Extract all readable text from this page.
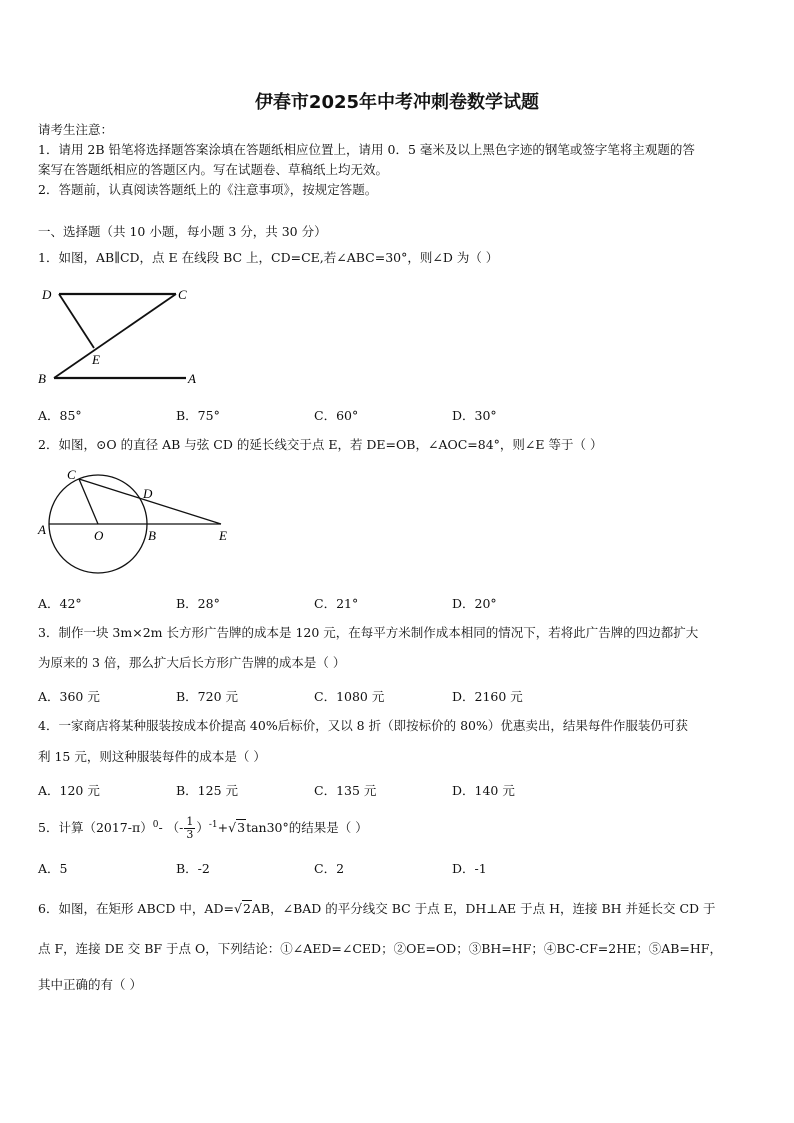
伊春市2025年中考冲刺卷数学试题
请考生注意：
1．请用 2B 铅笔将选择题答案涂填在答题纸相应位置上，请用 0．5 毫米及以上黑色字迹的钢笔或签字笔将主观题的答
案写在答题纸相应的答题区内。写在试题卷、草稿纸上均无效。
2．答题前，认真阅读答题纸上的《注意事项》，按规定答题。
一、选择题（共 10 小题，每小题 3 分，共 30 分）
1．如图，AB∥CD，点 E 在线段 BC 上，CD=CE,若∠ABC=30°，则∠D 为（ ）
D	C
E
B	A
A．85°	B．75°	C．60°	D．30°
2．如图，⊙O 的直径 AB 与弦 CD 的延长线交于点 E，若 DE=OB，∠AOC=84°，则∠E 等于（ ）
C
D
A	O	B	E
A．42°	B．28°	C．21°	D．20°
3．制作一块 3m×2m 长方形广告牌的成本是 120 元，在每平方米制作成本相同的情况下，若将此广告牌的四边都扩大
为原来的 3 倍，那么扩大后长方形广告牌的成本是（ ）
A．360 元	B．720 元	C．1080 元	D．2160 元
4．一家商店将某种服装按成本价提高 40%后标价，又以 8 折（即按标价的 80%）优惠卖出，结果每件作服装仍可获
利 15 元，则这种服装每件的成本是（ ）
A．120 元	B．125 元	C．135 元	D．140 元
5．计算$(2017-\pi)^0-$ （- $\frac{1}{3} )^{-1}+√3\tan 30^\circ$的结果是（ ）
A．5	B．-2	C．2	D．-1
6．如图，在矩形 ABCD 中，AD=√2AB，∠BAD 的平分线交 BC 于点 E，DH⊥AE 于点 H，连接 BH 并延长交 CD 于
点 F，连接 DE 交 BF 于点 O，下列结论：①∠AED=∠CED；②OE=OD；③BH=HF；④BC-CF=2HE；⑤AB=HF，
其中正确的有（ ）
